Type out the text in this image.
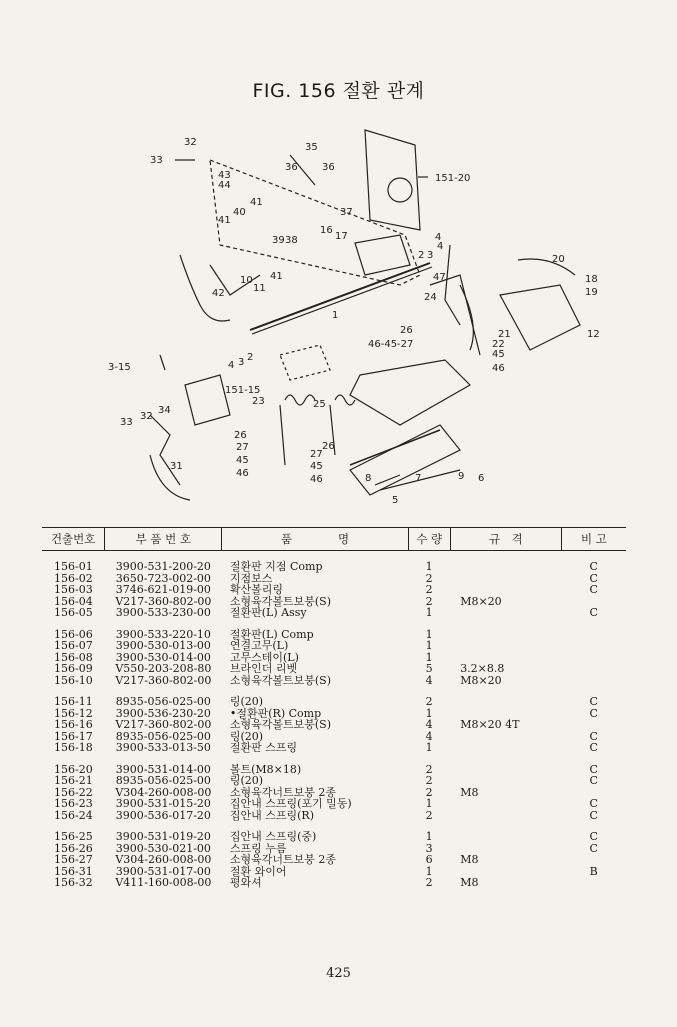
FIG. 156 절환 관계
32
33
35
36 36
43
44
151-20
41
40
41
37
39 38
16
17
47
20
18
19
24
12
22
21
2 3
4
1
10
11
42
41
4 3 2
26
46-45-27
45
46
3-15
151-15
34
32
33
23	25
26
27
45
46
31
27
26
45
46	8	7	9 6
5
4
건출번호	부 품 번 호	품　　　　명	수 량	규　격	비 고

156-01	3900-531-200-20	절환판 지점 Comp	1		C
156-02	3650-723-002-00	지점보스	2		C
156-03	3746-621-019-00	확산볼리링	2		C
156-04	V217-360-802-00	소형육각볼트보붕(S)	2	M8×20	
156-05	3900-533-230-00	절환판(L) Assy	1		C

156-06	3900-533-220-10	절환판(L) Comp	1		
156-07	3900-530-013-00	연결고무(L)	1		
156-08	3900-530-014-00	고무스테이(L)	1		
156-09	V550-203-208-80	브라인더 리벳	5	3.2×8.8	
156-10	V217-360-802-00	소형육각볼트보붕(S)	4	M8×20	

156-11	8935-056-025-00	링(20)	2		C
156-12	3900-536-230-20	•절환판(R) Comp	1		C
156-16	V217-360-802-00	소형육각볼트보붕(S)	4	M8×20 4T	
156-17	8935-056-025-00	링(20)	4		C
156-18	3900-533-013-50	절환판 스프링	1		C

156-20	3900-531-014-00	볼트(M8×18)	2		C
156-21	8935-056-025-00	링(20)	2		C
156-22	V304-260-008-00	소형육각너트보붕 2종	2	M8	
156-23	3900-531-015-20	집안내 스프링(포기 밀동)	1		C
156-24	3900-536-017-20	집안내 스프링(R)	2		C

156-25	3900-531-019-20	집안내 스프링(중)	1		C
156-26	3900-530-021-00	스프링 누름	3		C
156-27	V304-260-008-00	소형육각너트보붕 2종	6	M8	
156-31	3900-531-017-00	절환 와이어	1		B
156-32	V411-160-008-00	평와셔	2	M8	
425
